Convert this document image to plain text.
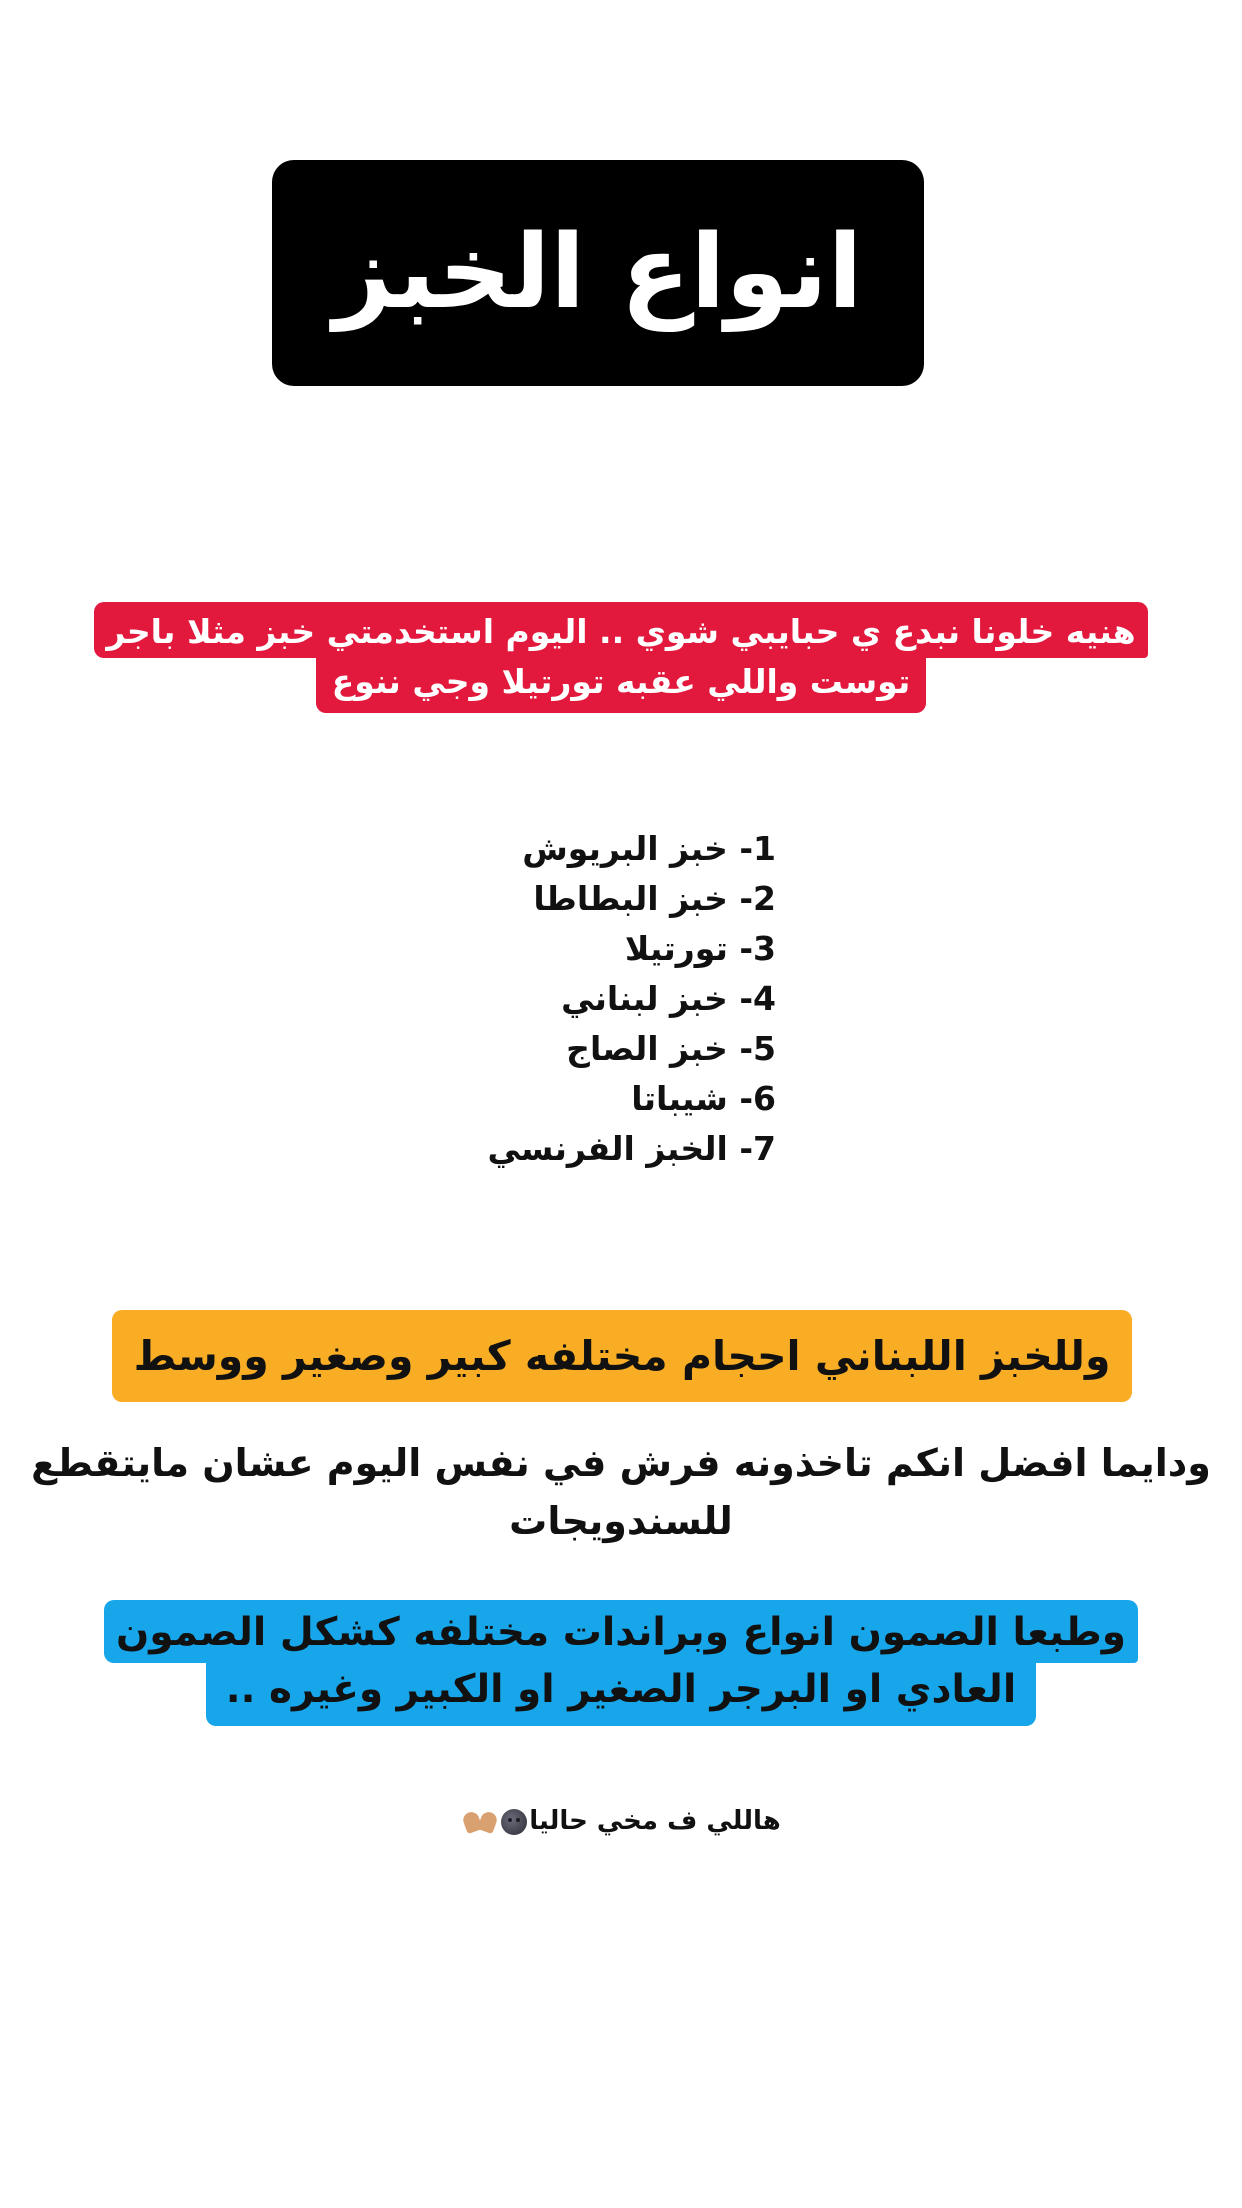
انواع الخبز
هنيه خلونا نبدع ي حبايبي شوي .. اليوم استخدمتي خبز مثلا باجر
توست واللي عقبه تورتيلا وجي ننوع
1- خبز البريوش
2- خبز البطاطا
3- تورتيلا
4- خبز لبناني
5- خبز الصاج
6- شيباتا
7- الخبز الفرنسي
وللخبز اللبناني احجام مختلفه كبير وصغير ووسط
ودايما افضل انكم تاخذونه فرش في نفس اليوم عشان مايتقطع
للسندويجات
وطبعا الصمون انواع وبراندات مختلفه كشكل الصمون
العادي او البرجر الصغير او الكبير وغيره ..
هاللي ف مخي حاليا
